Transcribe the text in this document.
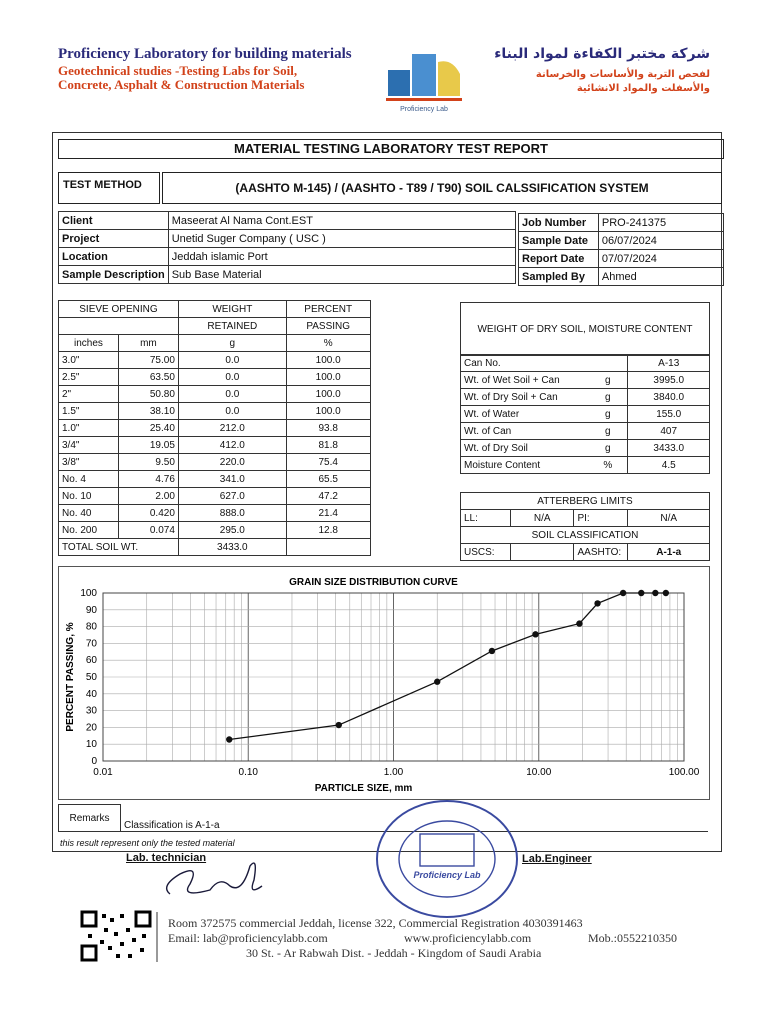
Proficiency Laboratory for building materials
Geotechnical studies -Testing Labs for Soil,
Concrete, Asphalt & Construction Materials
Proficiency Lab
شركة مختبر الكفاءة لمواد البناء
لفحص التربة والأساسات والخرسانة
والأسفلت والمواد الانشائية
MATERIAL TESTING LABORATORY TEST REPORT
TEST METHOD	(AASHTO M-145) / (AASHTO - T89 / T90) SOIL CALSSIFICATION SYSTEM
Client	Maseerat Al Nama Cont.EST
Project	Unetid Suger Company ( USC )
Location	Jeddah islamic Port
Sample Description	Sub Base Material
Job Number	PRO-241375
Sample Date	06/07/2024
Report Date	07/07/2024
Sampled By	Ahmed
SIEVE OPENING		WEIGHT	PERCENT	
		RETAINED	PASSING	
inches	mm	g	%	
3.0"	75.00	0.0	100.0	
2.5"	63.50	0.0	100.0	
2"	50.80	0.0	100.0	
1.5"	38.10	0.0	100.0	
1.0"	25.40	212.0	93.8	
3/4"	19.05	412.0	81.8	
3/8"	9.50	220.0	75.4	
No. 4	4.76	341.0	65.5	
No. 10	2.00	627.0	47.2	
No. 40	0.420	888.0	21.4	
No. 200	0.074	295.0	12.8	
TOTAL SOIL WT.		3433.0		
WEIGHT OF DRY SOIL, MOISTURE CONTENT
Can No.		A-13
Wt. of Wet Soil + Can	g	3995.0
Wt. of Dry Soil + Can	g	3840.0
Wt. of Water	g	155.0
Wt. of Can	g	407
Wt. of Dry Soil	g	3433.0
Moisture Content	%	4.5
ATTERBERG LIMITS			
LL:	N/A	PI:	N/A
SOIL CLASSIFICATION			
USCS:		AASHTO:	A-1-a
GRAIN SIZE DISTRIBUTION CURVE
0
10
20
30
40
50
60
70
80
90
100
0.01	0.10	1.00	10.00	100.00
PARTICLE SIZE, mm
PERCENT PASSING, %
Remarks	Classification is A-1-a
this result represent only the tested material
Lab. technician	Lab.Engineer
Proficiency Lab
Room 372575 commercial Jeddah, license 322, Commercial Registration 4030391463
Email: lab@proficiencylabb.com	www.proficiencylabb.com	Mob.:0552210350
30 St. - Ar Rabwah Dist. - Jeddah - Kingdom of Saudi Arabia
